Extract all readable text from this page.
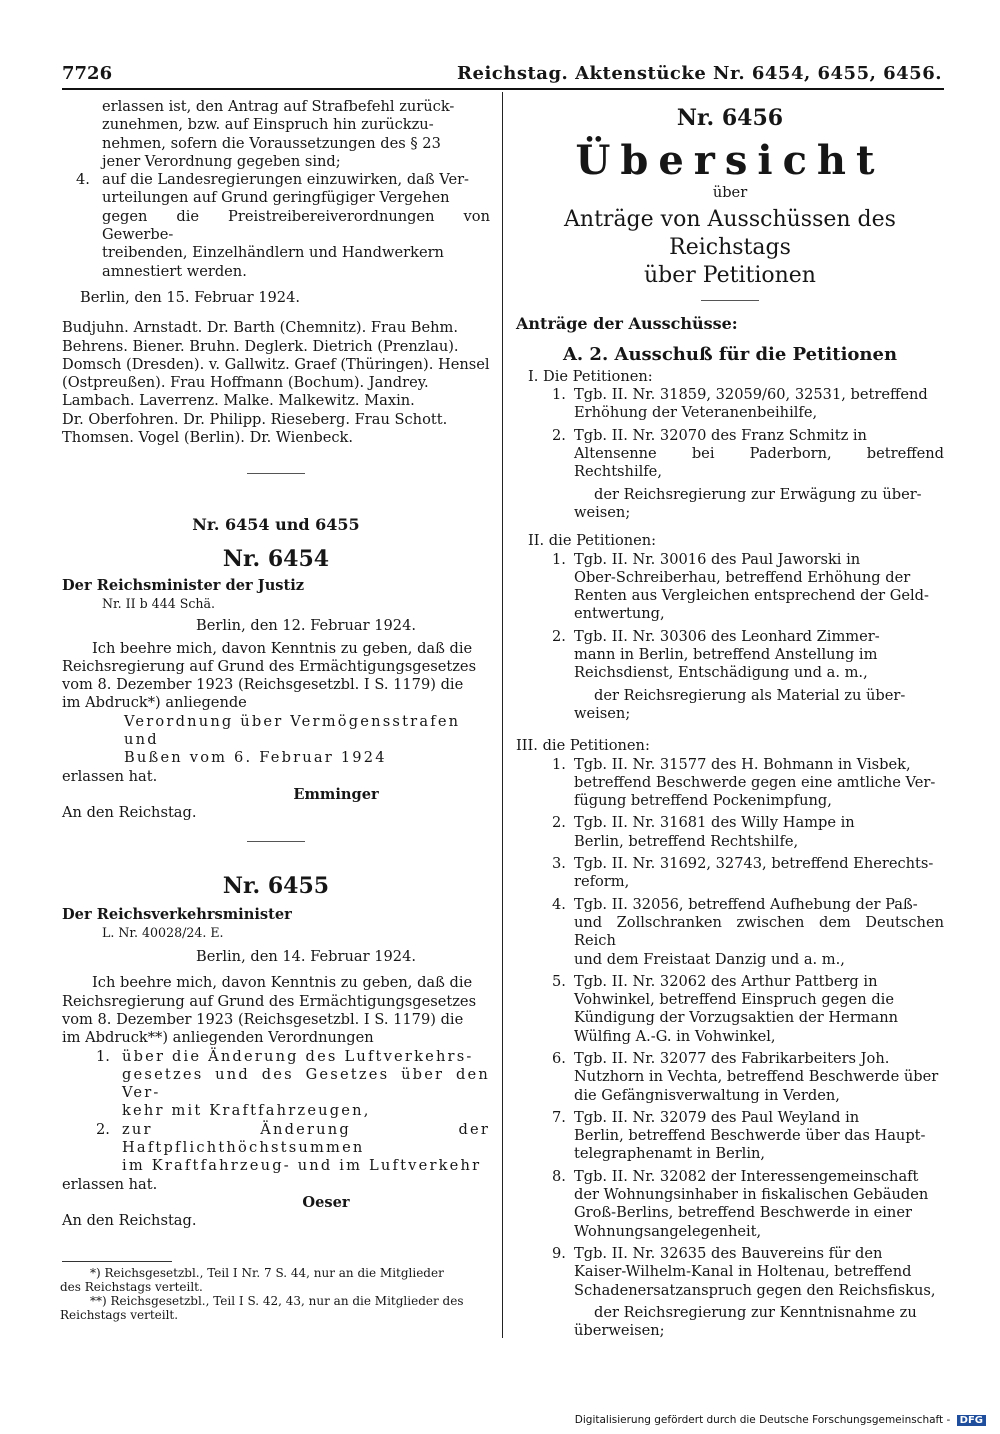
7726	Reichstag. Aktenstücke Nr. 6454, 6455, 6456.

erlassen ist, den Antrag auf Strafbefehl zurück-

zunehmen, bzw. auf Einspruch hin zurückzu-

nehmen, sofern die Voraussetzungen des § 23

jener Verordnung gegeben sind;

4. auf die Landesregierungen einzuwirken, daß Ver-

urteilungen auf Grund geringfügiger Vergehen

gegen die Preistreibereiverordnungen von Gewerbe-

treibenden, Einzelhändlern und Handwerkern

amnestiert werden.

Berlin, den 15. Februar 1924.

Budjuhn. Arnstadt. Dr. Barth (Chemnitz). Frau Behm.

Behrens. Biener. Bruhn. Deglerk. Dietrich (Prenzlau).

Domsch (Dresden). v. Gallwitz. Graef (Thüringen). Hensel

(Ostpreußen). Frau Hoffmann (Bochum). Jandrey.

Lambach. Laverrenz. Malke. Malkewitz. Maxin.

Dr. Oberfohren. Dr. Philipp. Rieseberg. Frau Schott.

Thomsen. Vogel (Berlin). Dr. Wienbeck.

Nr. 6454 und 6455

Nr. 6454

Der Reichsminister der Justiz

Nr. II b 444 Schä.

Berlin, den 12. Februar 1924.

Ich beehre mich, davon Kenntnis zu geben, daß die

Reichsregierung auf Grund des Ermächtigungsgesetzes

vom 8. Dezember 1923 (Reichsgesetzbl. I S. 1179) die

im Abdruck*) anliegende

Verordnung über Vermögensstrafen und

Bußen vom 6. Februar 1924

erlassen hat.

Emminger

An den Reichstag.

Nr. 6455

Der Reichsverkehrsminister

L. Nr. 40028/24. E.

Berlin, den 14. Februar 1924.

Ich beehre mich, davon Kenntnis zu geben, daß die

Reichsregierung auf Grund des Ermächtigungsgesetzes

vom 8. Dezember 1923 (Reichsgesetzbl. I S. 1179) die

im Abdruck**) anliegenden Verordnungen

1. über die Änderung des Luftverkehrs-

gesetzes und des Gesetzes über den Ver-

kehr mit Kraftfahrzeugen,

2. zur Änderung der Haftpflichthöchstsummen

im Kraftfahrzeug- und im Luftverkehr

erlassen hat.

Oeser

An den Reichstag.

*) Reichsgesetzbl., Teil I Nr. 7 S. 44, nur an die Mitglieder

des Reichstags verteilt.

**) Reichsgesetzbl., Teil I S. 42, 43, nur an die Mitglieder des

Reichstags verteilt.

Nr. 6456

Übersicht

über

Anträge von Ausschüssen des Reichstags

über Petitionen

Anträge der Ausschüsse:

A. 2. Ausschuß für die Petitionen

I. Die Petitionen:

1. Tgb. II. Nr. 31859, 32059/60, 32531, betreffend

Erhöhung der Veteranenbeihilfe,

2. Tgb. II. Nr. 32070 des Franz Schmitz in

Altensenne bei Paderborn, betreffend Rechtshilfe,

der Reichsregierung zur Erwägung zu über-

weisen;

II. die Petitionen:

1. Tgb. II. Nr. 30016 des Paul Jaworski in

Ober-Schreiberhau, betreffend Erhöhung der

Renten aus Vergleichen entsprechend der Geld-

entwertung,

2. Tgb. II. Nr. 30306 des Leonhard Zimmer-

mann in Berlin, betreffend Anstellung im

Reichsdienst, Entschädigung und a. m.,

der Reichsregierung als Material zu über-

weisen;

III. die Petitionen:

1. Tgb. II. Nr. 31577 des H. Bohmann in Visbek,

betreffend Beschwerde gegen eine amtliche Ver-

fügung betreffend Pockenimpfung,

2. Tgb. II. Nr. 31681 des Willy Hampe in

Berlin, betreffend Rechtshilfe,

3. Tgb. II. Nr. 31692, 32743, betreffend Eherechts-

reform,

4. Tgb. II. 32056, betreffend Aufhebung der Paß-

und Zollschranken zwischen dem Deutschen Reich

und dem Freistaat Danzig und a. m.,

5. Tgb. II. Nr. 32062 des Arthur Pattberg in

Vohwinkel, betreffend Einspruch gegen die

Kündigung der Vorzugsaktien der Hermann

Wülfing A.-G. in Vohwinkel,

6. Tgb. II. Nr. 32077 des Fabrikarbeiters Joh.

Nutzhorn in Vechta, betreffend Beschwerde über

die Gefängnisverwaltung in Verden,

7. Tgb. II. Nr. 32079 des Paul Weyland in

Berlin, betreffend Beschwerde über das Haupt-

telegraphenamt in Berlin,

8. Tgb. II. Nr. 32082 der Interessengemeinschaft

der Wohnungsinhaber in fiskalischen Gebäuden

Groß-Berlins, betreffend Beschwerde in einer

Wohnungsangelegenheit,

9. Tgb. II. Nr. 32635 des Bauvereins für den

Kaiser-Wilhelm-Kanal in Holtenau, betreffend

Schadenersatzanspruch gegen den Reichsfiskus,

der Reichsregierung zur Kenntnisnahme zu

überweisen;

Digitalisierung gefördert durch die Deutsche Forschungsgemeinschaft - DFG
